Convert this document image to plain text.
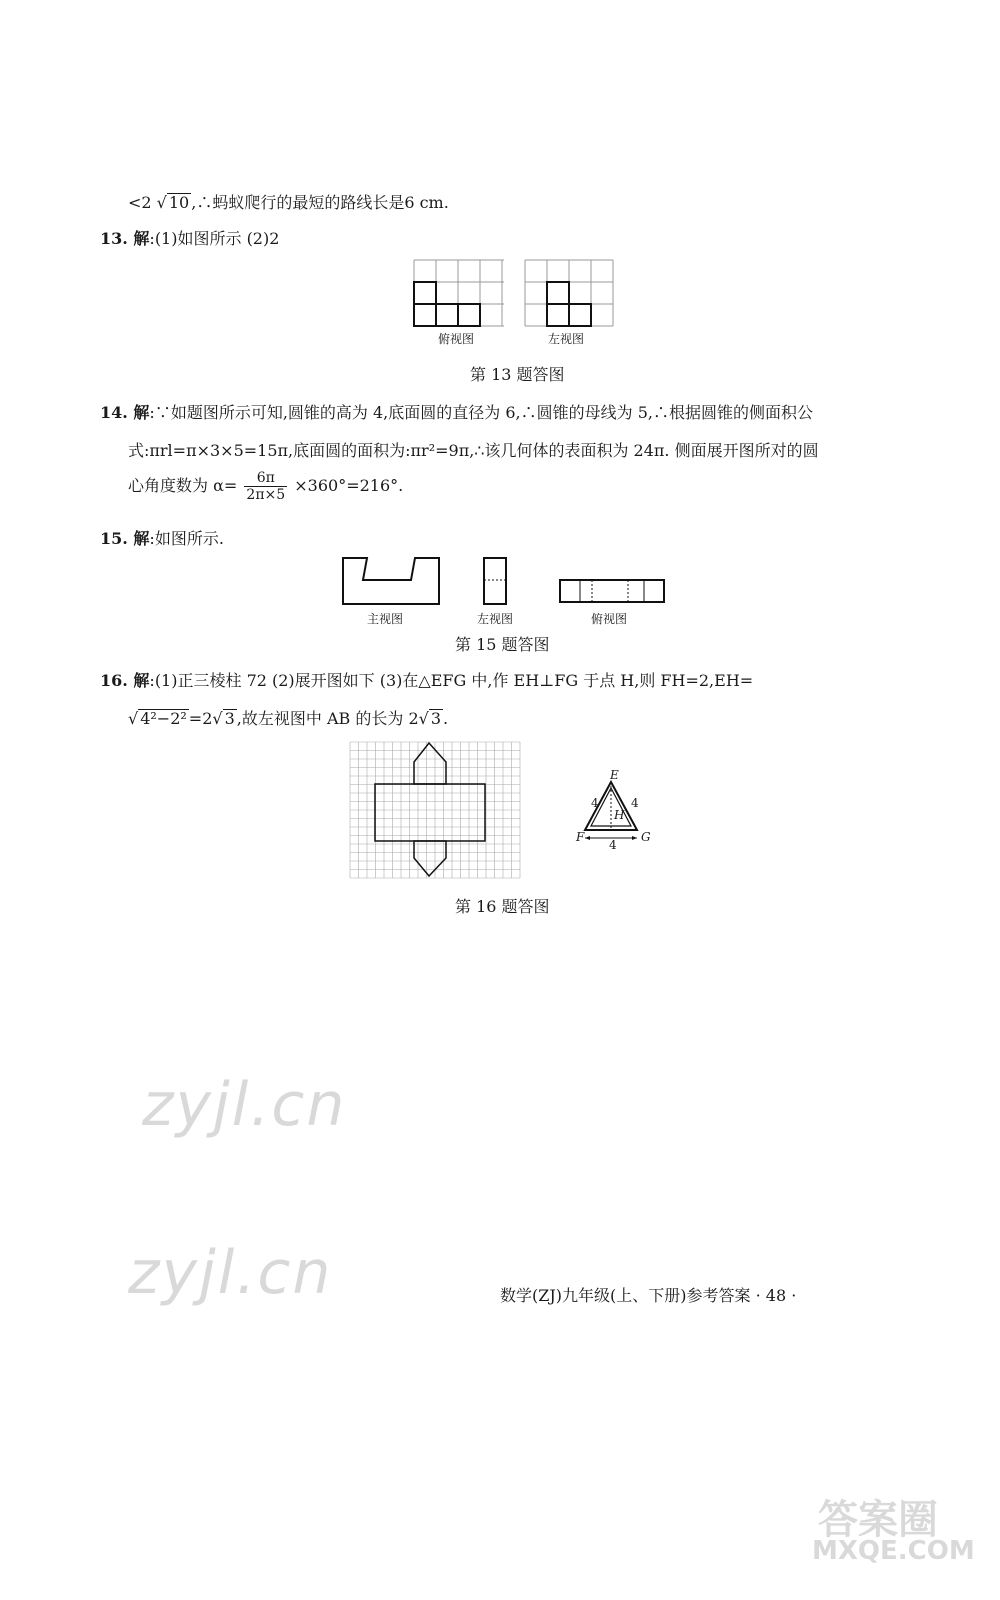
<2 √ 10 ,∴蚂蚁爬行的最短的路线长是6 cm.
13. 解:(1)如图所示 (2)2
俯视图	左视图
第 13 题答图
14. 解:∵如题图所示可知,圆锥的高为 4,底面圆的直径为 6,∴圆锥的母线为 5,∴根据圆锥的侧面积公
式:πrl=π×3×5=15π,底面圆的面积为:πr²=9π,∴该几何体的表面积为 24π. 侧面展开图所对的圆
心角度数为 $\alpha= \frac{6\pi}{2\pi\times 5} \times 360^\circ=216^\circ$.
15. 解:如图所示.
主视图	左视图	俯视图
第 15 题答图
16. 解:(1)正三棱柱 72 (2)展开图如下 (3)在△EFG 中,作 EH⊥FG 于点 H,则 FH=2,EH=
√ 4²−2² =2√ 3 ,故左视图中 AB 的长为 2√ 3 .
E
F	G
H
4	4
4
第 16 题答图
zyjl.cn
zyjl.cn
答案圈
MXQE.COM
数学(ZJ)九年级(上、下册)参考答案 · 48 ·
